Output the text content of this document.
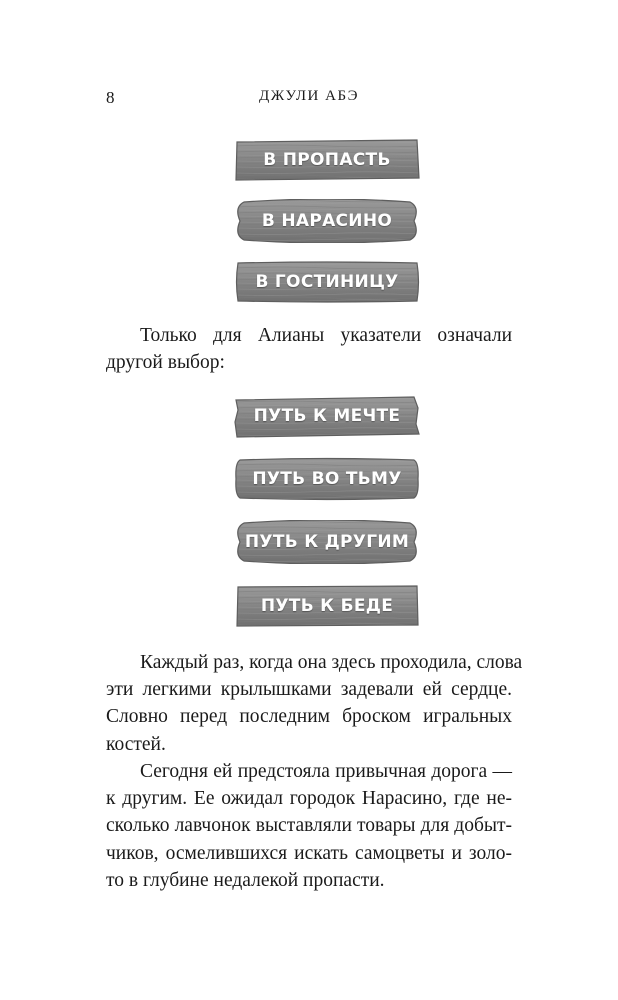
8	ДЖУЛИ АБЭ
В ПРОПАСТЬ
В НАРАСИНО
В ГОСТИНИЦУ
Только для Алианы указатели означали
другой выбор:
ПУТЬ К МЕЧТЕ
ПУТЬ ВО ТЬМУ
ПУТЬ К ДРУГИМ
ПУТЬ К БЕДЕ
Каждый раз, когда она здесь проходила, слова
эти легкими крылышками задевали ей сердце.
Словно перед последним броском игральных
костей.
Сегодня ей предстояла привычная дорога —
к другим. Ее ожидал городок Нарасино, где не-
сколько лавчонок выставляли товары для добыт-
чиков, осмелившихся искать самоцветы и золо-
то в глубине недалекой пропасти.
